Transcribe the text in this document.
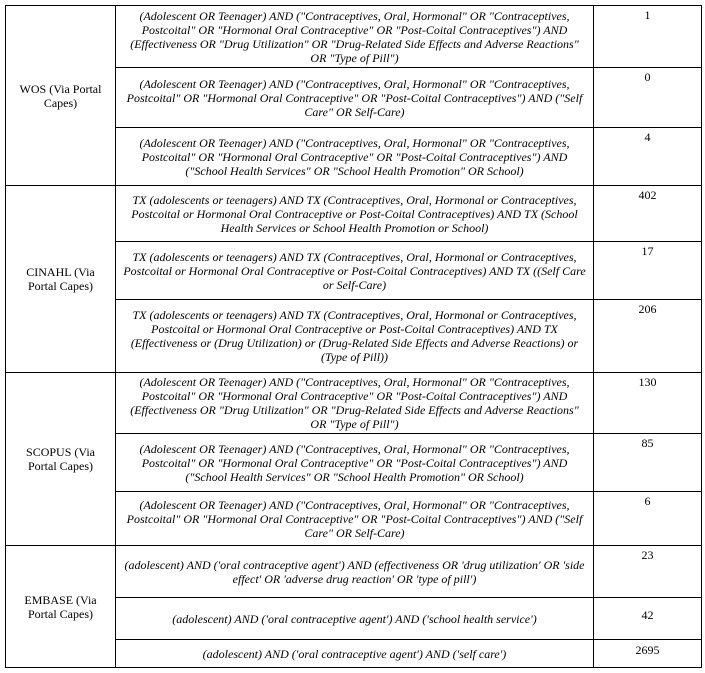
WOS (Via Portal Capes)	(Adolescent OR Teenager) AND ("Contraceptives, Oral, Hormonal" OR "Contraceptives, Postcoital" OR "Hormonal Oral Contraceptive" OR "Post-Coital Contraceptives") AND (Effectiveness OR "Drug Utilization" OR "Drug-Related Side Effects and Adverse Reactions" OR "Type of Pill")	1
	(Adolescent OR Teenager) AND ("Contraceptives, Oral, Hormonal" OR "Contraceptives, Postcoital" OR "Hormonal Oral Contraceptive" OR "Post-Coital Contraceptives") AND ("Self Care" OR Self-Care)	0
	(Adolescent OR Teenager) AND ("Contraceptives, Oral, Hormonal" OR "Contraceptives, Postcoital" OR "Hormonal Oral Contraceptive" OR "Post-Coital Contraceptives") AND ("School Health Services" OR "School Health Promotion" OR School)	4
CINAHL (Via Portal Capes)	TX (adolescents or teenagers) AND TX (Contraceptives, Oral, Hormonal or Contraceptives, Postcoital or Hormonal Oral Contraceptive or Post-Coital Contraceptives) AND TX (School Health Services or School Health Promotion or School)	402
	TX (adolescents or teenagers) AND TX (Contraceptives, Oral, Hormonal or Contraceptives, Postcoital or Hormonal Oral Contraceptive or Post-Coital Contraceptives) AND TX ((Self Care or Self-Care)	17
	TX (adolescents or teenagers) AND TX (Contraceptives, Oral, Hormonal or Contraceptives, Postcoital or Hormonal Oral Contraceptive or Post-Coital Contraceptives) AND TX (Effectiveness or (Drug Utilization) or (Drug-Related Side Effects and Adverse Reactions) or (Type of Pill))	206
SCOPUS (Via Portal Capes)	(Adolescent OR Teenager) AND ("Contraceptives, Oral, Hormonal" OR "Contraceptives, Postcoital" OR "Hormonal Oral Contraceptive" OR "Post-Coital Contraceptives") AND (Effectiveness OR "Drug Utilization" OR "Drug-Related Side Effects and Adverse Reactions" OR "Type of Pill")	130
	(Adolescent OR Teenager) AND ("Contraceptives, Oral, Hormonal" OR "Contraceptives, Postcoital" OR "Hormonal Oral Contraceptive" OR "Post-Coital Contraceptives") AND ("School Health Services" OR "School Health Promotion" OR School)	85
	(Adolescent OR Teenager) AND ("Contraceptives, Oral, Hormonal" OR "Contraceptives, Postcoital" OR "Hormonal Oral Contraceptive" OR "Post-Coital Contraceptives") AND ("Self Care" OR Self-Care)	6
EMBASE (Via Portal Capes)	(adolescent) AND ('oral contraceptive agent') AND (effectiveness OR 'drug utilization' OR 'side effect' OR 'adverse drug reaction' OR 'type of pill')	23
	(adolescent) AND ('oral contraceptive agent') AND ('school health service')	42
	(adolescent) AND ('oral contraceptive agent') AND ('self care')	2695
